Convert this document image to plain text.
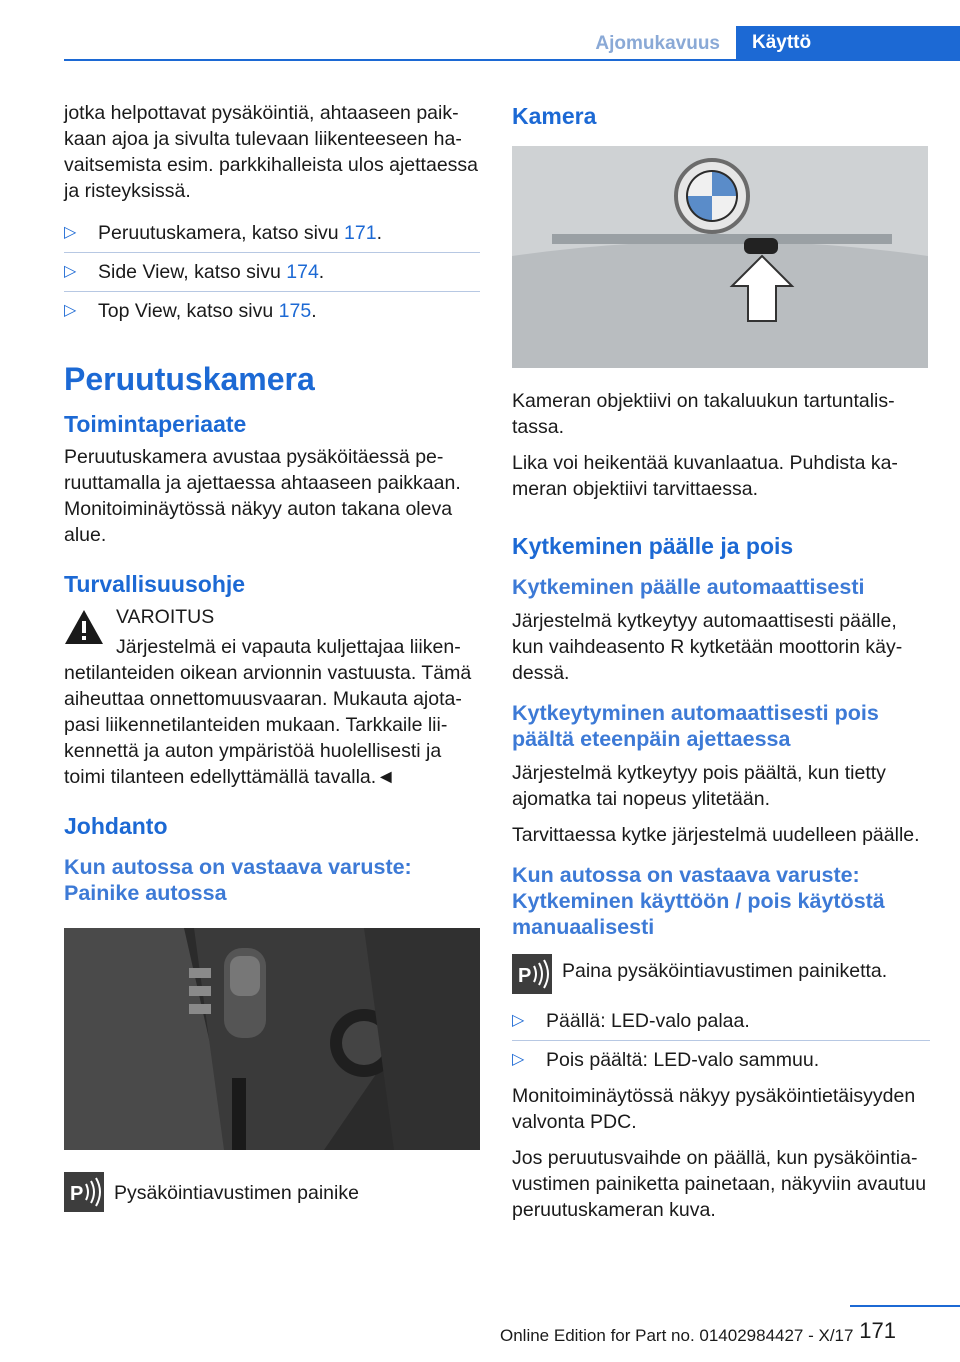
Ajomukavuus	Käyttö

jotka helpottavat pysäköintiä, ahtaaseen paikkaan ajoa ja sivulta tulevaan liikenteeseen havaitsemista esim. parkkihalleista ulos ajettaessa ja risteyksissä.

▷ Peruutuskamera, katso sivu 171.
▷ Side View, katso sivu 174.
▷ Top View, katso sivu 175.
Peruutuskamera
Toimintaperiaate

Peruutuskamera avustaa pysäköitäessä peruuttamalla ja ajettaessa ahtaaseen paikkaan. Monitoiminäytössä näkyy auton takana oleva alue.

Turvallisuusohje
VAROITUS

Järjestelmä ei vapauta kuljettajaa liikennetilanteiden oikean arvionnin vastuusta. Tämä aiheuttaa onnettomuusvaaran. Mukauta ajotapasi liikennetilanteiden mukaan. Tarkkaile liikennettä ja auton ympäristöä huolellisesti ja toimi tilanteen edellyttämällä tavalla.◄

Johdanto
Kun autossa on vastaava varuste: Painike autossa
P Pysäköintiavustimen painike

Kamera

Kameran objektiivi on takaluukun tartuntalistassa.

Lika voi heikentää kuvanlaatua. Puhdista kameran objektiivi tarvittaessa.

Kytkeminen päälle ja pois
Kytkeminen päälle automaattisesti

Järjestelmä kytkeytyy automaattisesti päälle, kun vaihdeasento R kytketään moottorin käydessä.

Kytkeytyminen automaattisesti pois päältä eteenpäin ajettaessa

Järjestelmä kytkeytyy pois päältä, kun tietty ajomatka tai nopeus ylitetään.

Tarvittaessa kytke järjestelmä uudelleen päälle.

Kun autossa on vastaava varuste: Kytkeminen käyttöön / pois käytöstä manuaalisesti
P Paina pysäköintiavustimen painiketta.

▷ Päällä: LED-valo palaa.
▷ Pois päältä: LED-valo sammuu.

Monitoiminäytössä näkyy pysäköintietäisyyden valvonta PDC.

Jos peruutusvaihde on päällä, kun pysäköintiavustimen painiketta painetaan, näkyviin avautuu peruutuskameran kuva.

171
Online Edition for Part no. 01402984427 - X/17
